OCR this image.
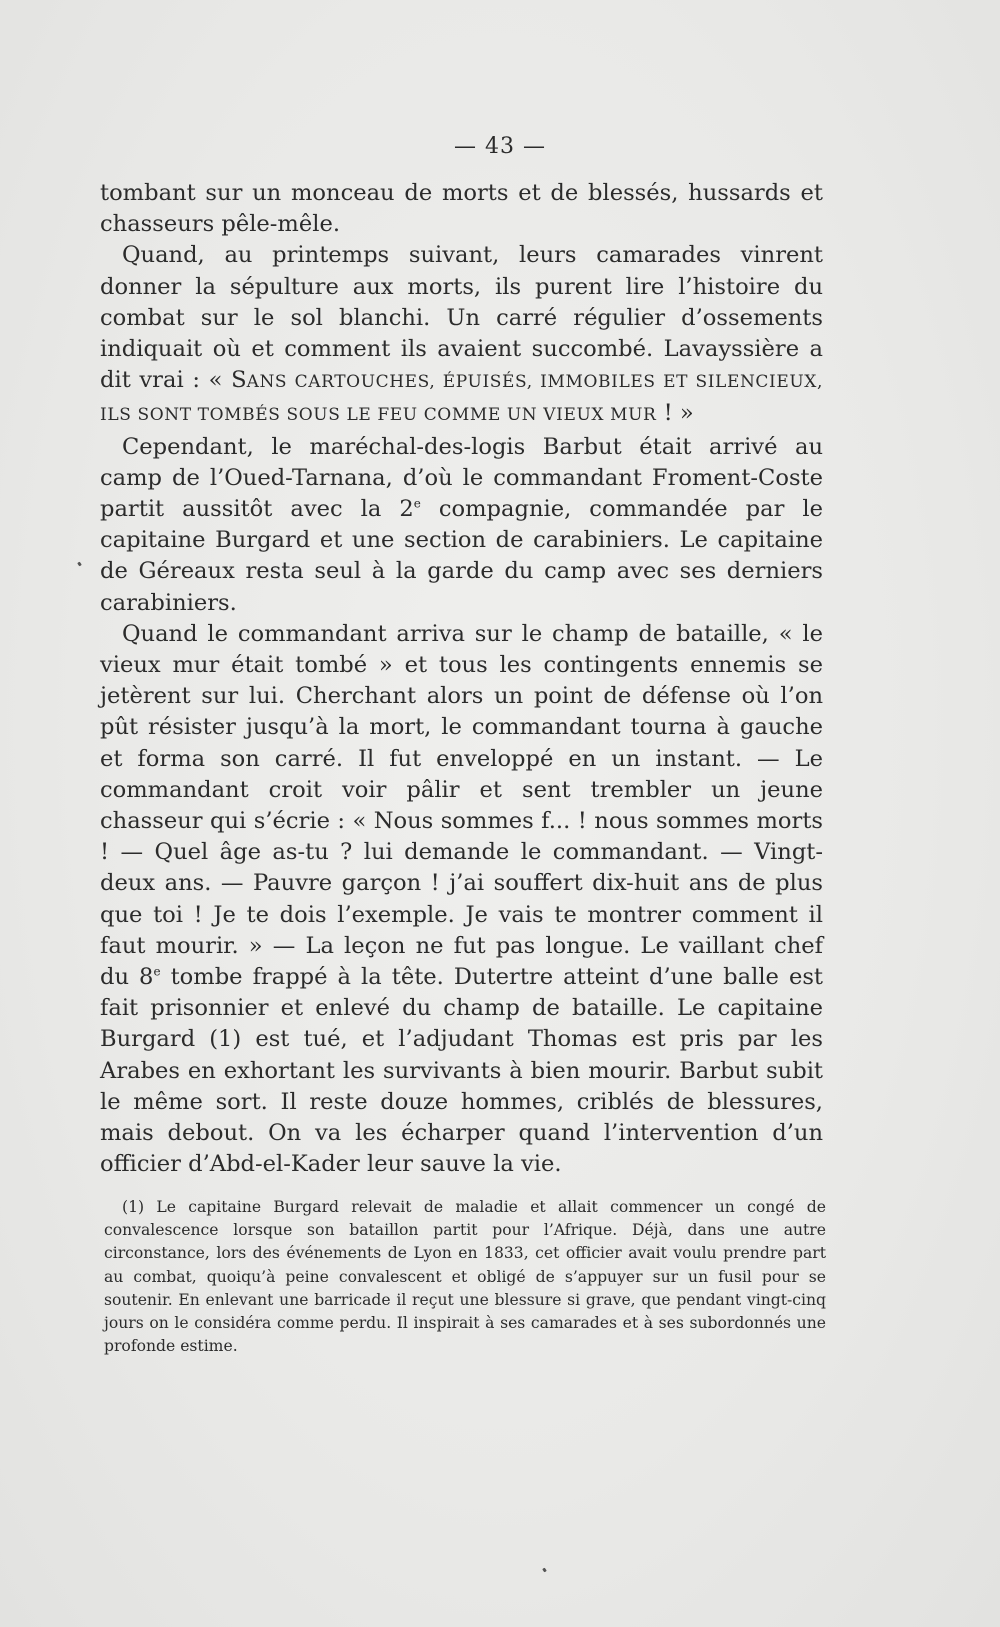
— 43 —

tombant sur un monceau de morts et de blessés, hussards et chasseurs pêle-mêle.

Quand, au printemps suivant, leurs camarades vinrent donner la sépulture aux morts, ils purent lire l’histoire du combat sur le sol blanchi. Un carré régulier d’ossements indiquait où et comment ils avaient succombé. Lavayssière a dit vrai : « SANS CARTOUCHES, ÉPUISÉS, IMMOBILES ET SILENCIEUX, ILS SONT TOMBÉS SOUS LE FEU COMME UN VIEUX MUR ! »

Cependant, le maréchal-des-logis Barbut était arrivé au camp de l’Oued-Tarnana, d’où le commandant Froment-Coste partit aussitôt avec la 2e compagnie, commandée par le capitaine Burgard et une section de carabiniers. Le capitaine de Géreaux resta seul à la garde du camp avec ses derniers carabiniers.

Quand le commandant arriva sur le champ de bataille, « le vieux mur était tombé » et tous les contingents ennemis se jetèrent sur lui. Cherchant alors un point de défense où l’on pût résister jusqu’à la mort, le commandant tourna à gauche et forma son carré. Il fut enveloppé en un instant. — Le commandant croit voir pâlir et sent trembler un jeune chasseur qui s’écrie : « Nous sommes f... ! nous sommes morts ! — Quel âge as-tu ? lui demande le commandant. — Vingt-deux ans. — Pauvre garçon ! j’ai souffert dix-huit ans de plus que toi ! Je te dois l’exemple. Je vais te montrer comment il faut mourir. » — La leçon ne fut pas longue. Le vaillant chef du 8e tombe frappé à la tête. Dutertre atteint d’une balle est fait prisonnier et enlevé du champ de bataille. Le capitaine Burgard (1) est tué, et l’adjudant Thomas est pris par les Arabes en exhortant les survivants à bien mourir. Barbut subit le même sort. Il reste douze hommes, criblés de blessures, mais debout. On va les écharper quand l’intervention d’un officier d’Abd-el-Kader leur sauve la vie.

(1) Le capitaine Burgard relevait de maladie et allait commencer un congé de convalescence lorsque son bataillon partit pour l’Afrique. Déjà, dans une autre circonstance, lors des événements de Lyon en 1833, cet officier avait voulu prendre part au combat, quoiqu’à peine convalescent et obligé de s’appuyer sur un fusil pour se soutenir. En enlevant une barricade il reçut une blessure si grave, que pendant vingt-cinq jours on le considéra comme perdu. Il inspirait à ses camarades et à ses subordonnés une profonde estime.
